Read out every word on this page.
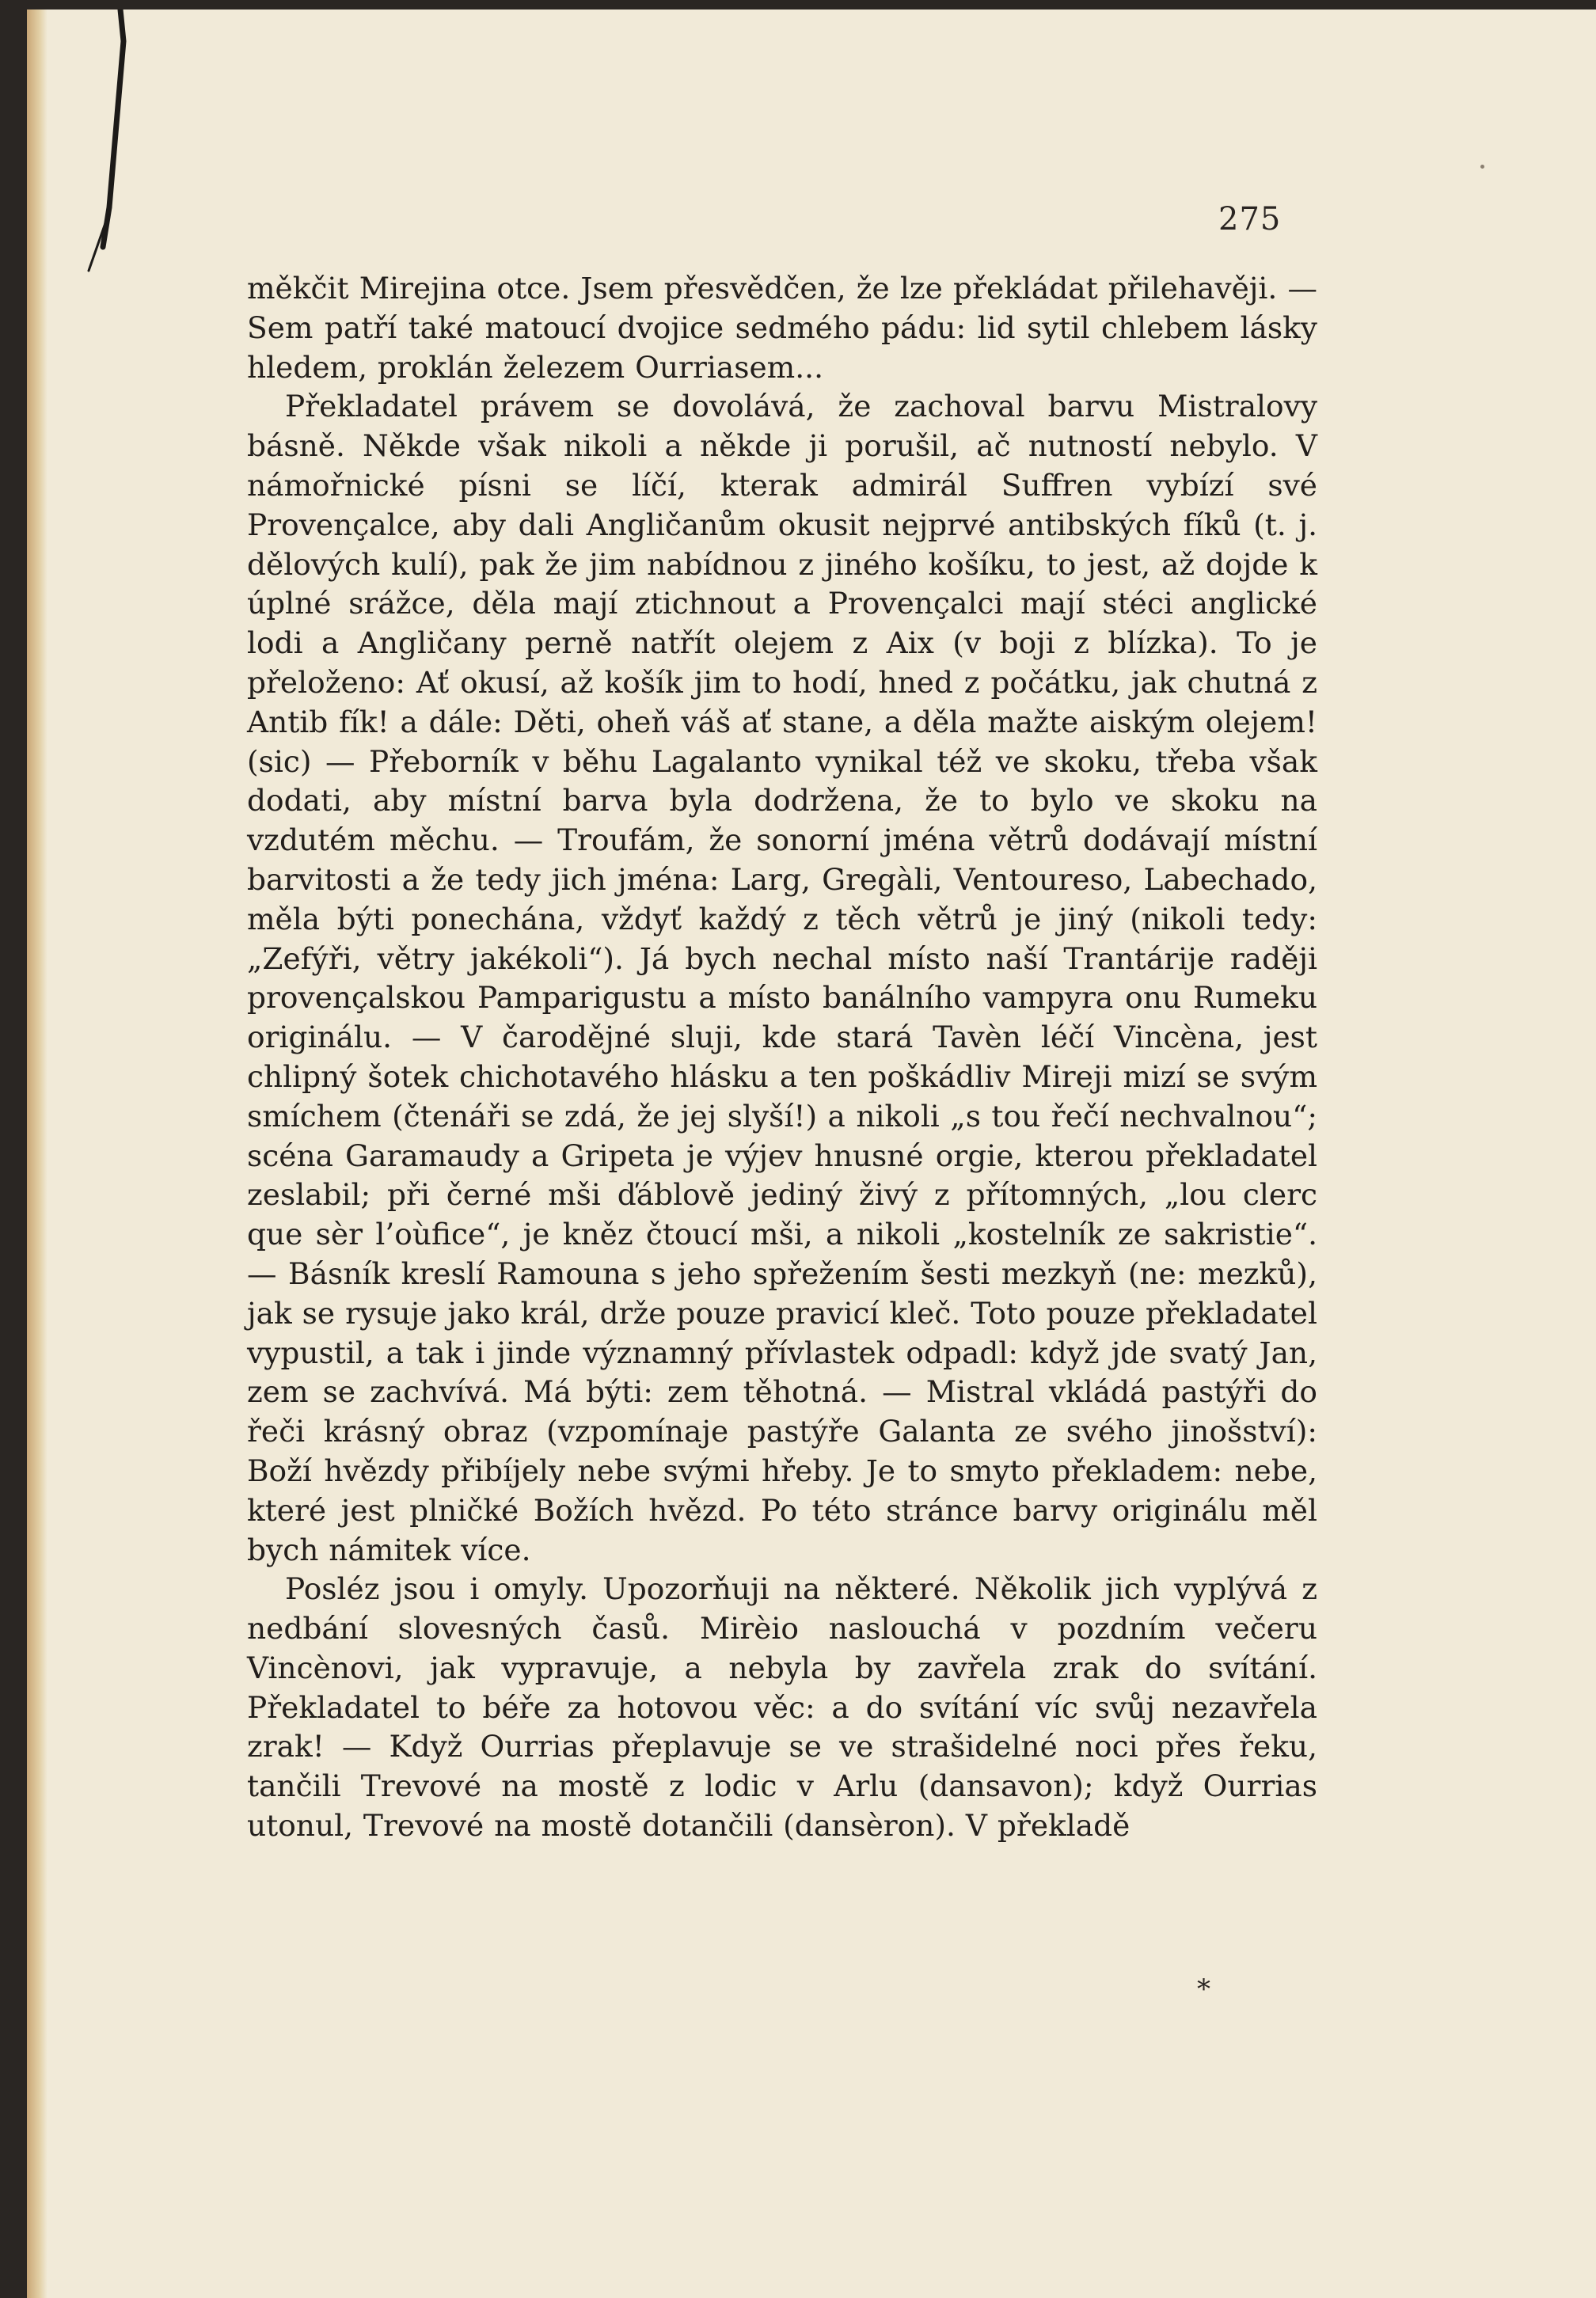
275

měkčit Mirejina otce. Jsem přesvědčen, že lze překládat přilehavěji. — Sem patří také matoucí dvojice sedmého pádu: lid sytil chlebem lásky hledem, proklán železem Ourriasem...

Překladatel právem se dovolává, že zachoval barvu Mistralovy básně. Někde však nikoli a někde ji porušil, ač nutností nebylo. V námořnické písni se líčí, kterak admirál Suffren vybízí své Provençalce, aby dali Angličanům okusit nejprvé antibských fíků (t. j. dělových kulí), pak že jim nabídnou z jiného košíku, to jest, až dojde k úplné srážce, děla mají ztichnout a Provençalci mají stéci anglické lodi a Angličany perně natřít olejem z Aix (v boji z blízka). To je přeloženo: Ať okusí, až košík jim to hodí, hned z počátku, jak chutná z Antib fík! a dále: Děti, oheň váš ať stane, a děla mažte aiským olejem! (sic) — Přeborník v běhu Lagalanto vynikal též ve skoku, třeba však dodati, aby místní barva byla dodržena, že to bylo ve skoku na vzdutém měchu. — Troufám, že sonorní jména větrů dodávají místní barvitosti a že tedy jich jména: Larg, Gregàli, Ventoureso, Labechado, měla býti ponechána, vždyť každý z těch větrů je jiný (nikoli tedy: „Zefýři, větry jakékoli“). Já bych nechal místo naší Trantárije raději provençalskou Pamparigustu a místo banálního vampyra onu Rumeku originálu. — V čarodějné sluji, kde stará Tavèn léčí Vincèna, jest chlipný šotek chichotavého hlásku a ten poškádliv Mireji mizí se svým smíchem (čtenáři se zdá, že jej slyší!) a nikoli „s tou řečí nechvalnou“; scéna Garamaudy a Gripeta je výjev hnusné orgie, kterou překladatel zeslabil; při černé mši ďáblově jediný živý z přítomných, „lou clerc que sèr l’oùfice“, je kněz čtoucí mši, a nikoli „kostelník ze sakristie“. — Básník kreslí Ramouna s jeho spřežením šesti mezkyň (ne: mezků), jak se rysuje jako král, drže pouze pravicí kleč. Toto pouze překladatel vypustil, a tak i jinde významný přívlastek odpadl: když jde svatý Jan, zem se zachvívá. Má býti: zem těhotná. — Mistral vkládá pastýři do řeči krásný obraz (vzpomínaje pastýře Galanta ze svého jinošství): Boží hvězdy přibíjely nebe svými hřeby. Je to smyto překladem: nebe, které jest plničké Božích hvězd. Po této stránce barvy originálu měl bych námitek více.

Posléz jsou i omyly. Upozorňuji na některé. Několik jich vyplývá z nedbání slovesných časů. Mirèio naslouchá v pozdním večeru Vincènovi, jak vypravuje, a nebyla by zavřela zrak do svítání. Překladatel to béře za hotovou věc: a do svítání víc svůj nezavřela zrak! — Když Ourrias přeplavuje se ve strašidelné noci přes řeku, tančili Trevové na mostě z lodic v Arlu (dansavon); když Ourrias utonul, Trevové na mostě dotančili (dansèron). V překladě

*
